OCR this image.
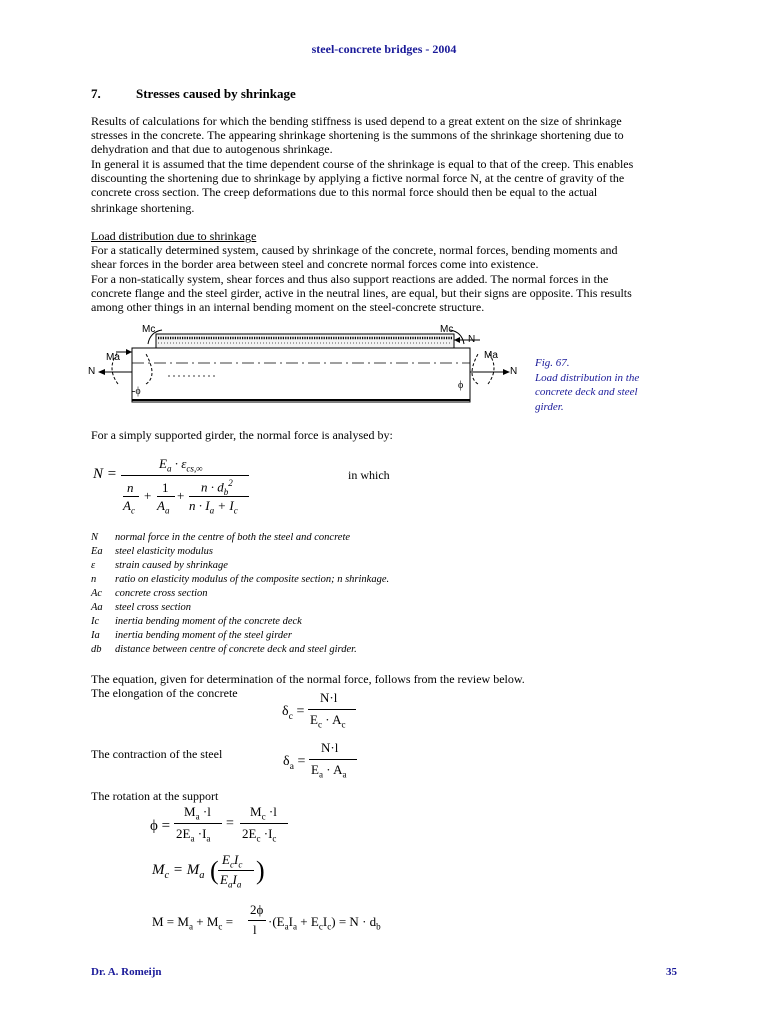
steel-concrete bridges - 2004
7.	Stresses caused by shrinkage
Results of calculations for which the bending stiffness is used depend to a great extent on the size of shrinkage
stresses in the concrete. The appearing shrinkage shortening is the summons of the shrinkage shortening due to
dehydration and that due to autogenous shrinkage.
In general it is assumed that the time dependent course of the shrinkage is equal to that of the creep. This enables
discounting the shortening due to shrinkage by applying a fictive normal force N, at the centre of gravity of the
concrete cross section. The creep deformations due to this normal force should then be equal to the actual
shrinkage shortening.
Load distribution due to shrinkage
For a statically determined system, caused by shrinkage of the concrete, normal forces, bending moments and
shear forces in the border area between steel and concrete normal forces come into existence.
For a non-statically system, shear forces and thus also support reactions are added. The normal forces in the
concrete flange and the steel girder, active in the neutral lines, are equal, but their signs are opposite. This results
among other things in an internal bending moment on the steel-concrete structure.
Mc	Mc
Ma	Ma
N	N
N
-ϕ
ϕ
Fig. 67.
Load distribution in the
concrete deck and steel
girder.
For a simply supported girder, the normal force is analysed by:
N =
$E_a \cdot \varepsilon_{cs,\infty}$
n
$A_c$
+
1
$A_a$
+
$n \cdot d_b^2$
$n \cdot I_a + I_c$
in which
N normal force in the centre of both the steel and concrete
Ea steel elasticity modulus
ε strain caused by shrinkage
n ratio on elasticity modulus of the composite section; n shrinkage.
Ac concrete cross section
Aa steel cross section
Ic inertia bending moment of the concrete deck
Ia inertia bending moment of the steel girder
db distance between centre of concrete deck and steel girder.
The equation, given for determination of the normal force, follows from the review below.
The elongation of the concrete
$\delta_c$ =
N·l
$E_c \cdot A_c$
The contraction of the steel	$\delta_a$ =
N·l
$E_a \cdot A_a$
The rotation at the support
ϕ =
$M_a \cdot l$
$2E_a \cdot I_a$
=
$M_c \cdot l$
$2E_c \cdot I_c$
$M_c = M_a$ ( $E_cI_c$
$E_aI_a$ )
$M = M_a + M_c$ =
2ϕ
l
$\cdot(E_aI_a + E_cI_c) = N \cdot d_b$
Dr. A. Romeijn	35
